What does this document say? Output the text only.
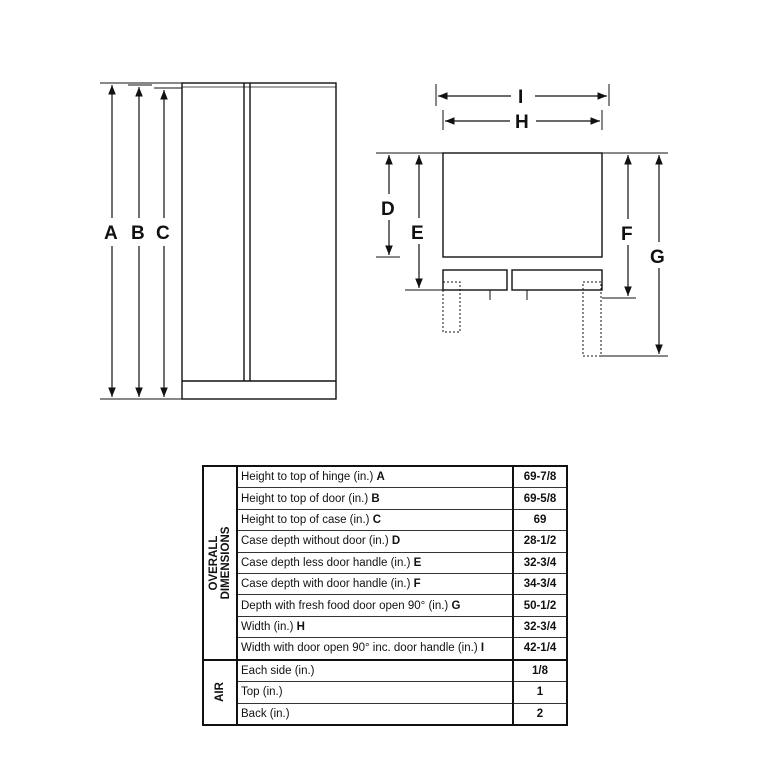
A B C
I
H
D
E	F
G
OVERALL DIMENSIONS	Height to top of hinge (in.) A	69-7/8
	Height to top of door (in.) B	69-5/8
	Height to top of case (in.) C	69
	Case depth without door (in.) D	28-1/2
	Case depth less door handle (in.) E	32-3/4
	Case depth with door handle (in.) F	34-3/4
	Depth with fresh food door open 90° (in.) G	50-1/2
	Width (in.) H	32-3/4
	Width with door open 90° inc. door handle (in.) I	42-1/4

AIR	Each side (in.)	1/8
	Top (in.)	1
	Back (in.)	2
